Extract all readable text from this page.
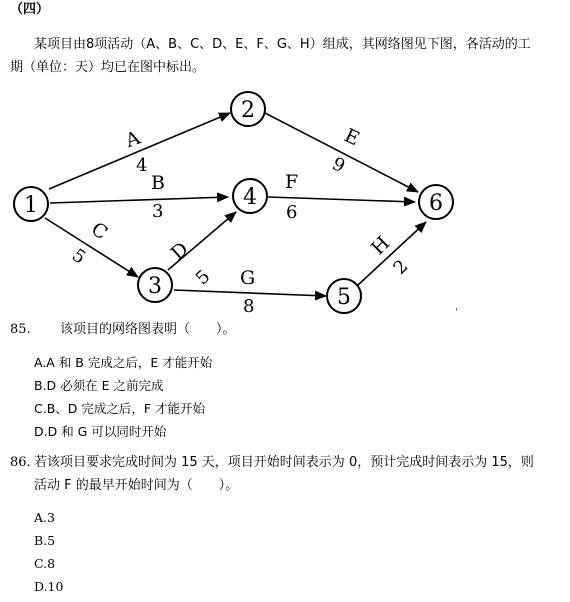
（四）
某项目由8项活动（A、B、C、D、E、F、G、H）组成，其网络图见下图，各活动的工
期（单位：天）均已在图中标出。
A
4
B
3
C
5	D
5
E
9
F
6
G
8
H
2
1
2
3
4
5
6
'
85. 该项目的网络图表明（　　）。
A.A 和 B 完成之后，E 才能开始
B.D 必须在 E 之前完成
C.B、D 完成之后，F 才能开始
D.D 和 G 可以同时开始
86. 若该项目要求完成时间为 15 天，项目开始时间表示为 0，预计完成时间表示为 15，则
活动 F 的最早开始时间为（　　）。
A.3
B.5
C.8
D.10
